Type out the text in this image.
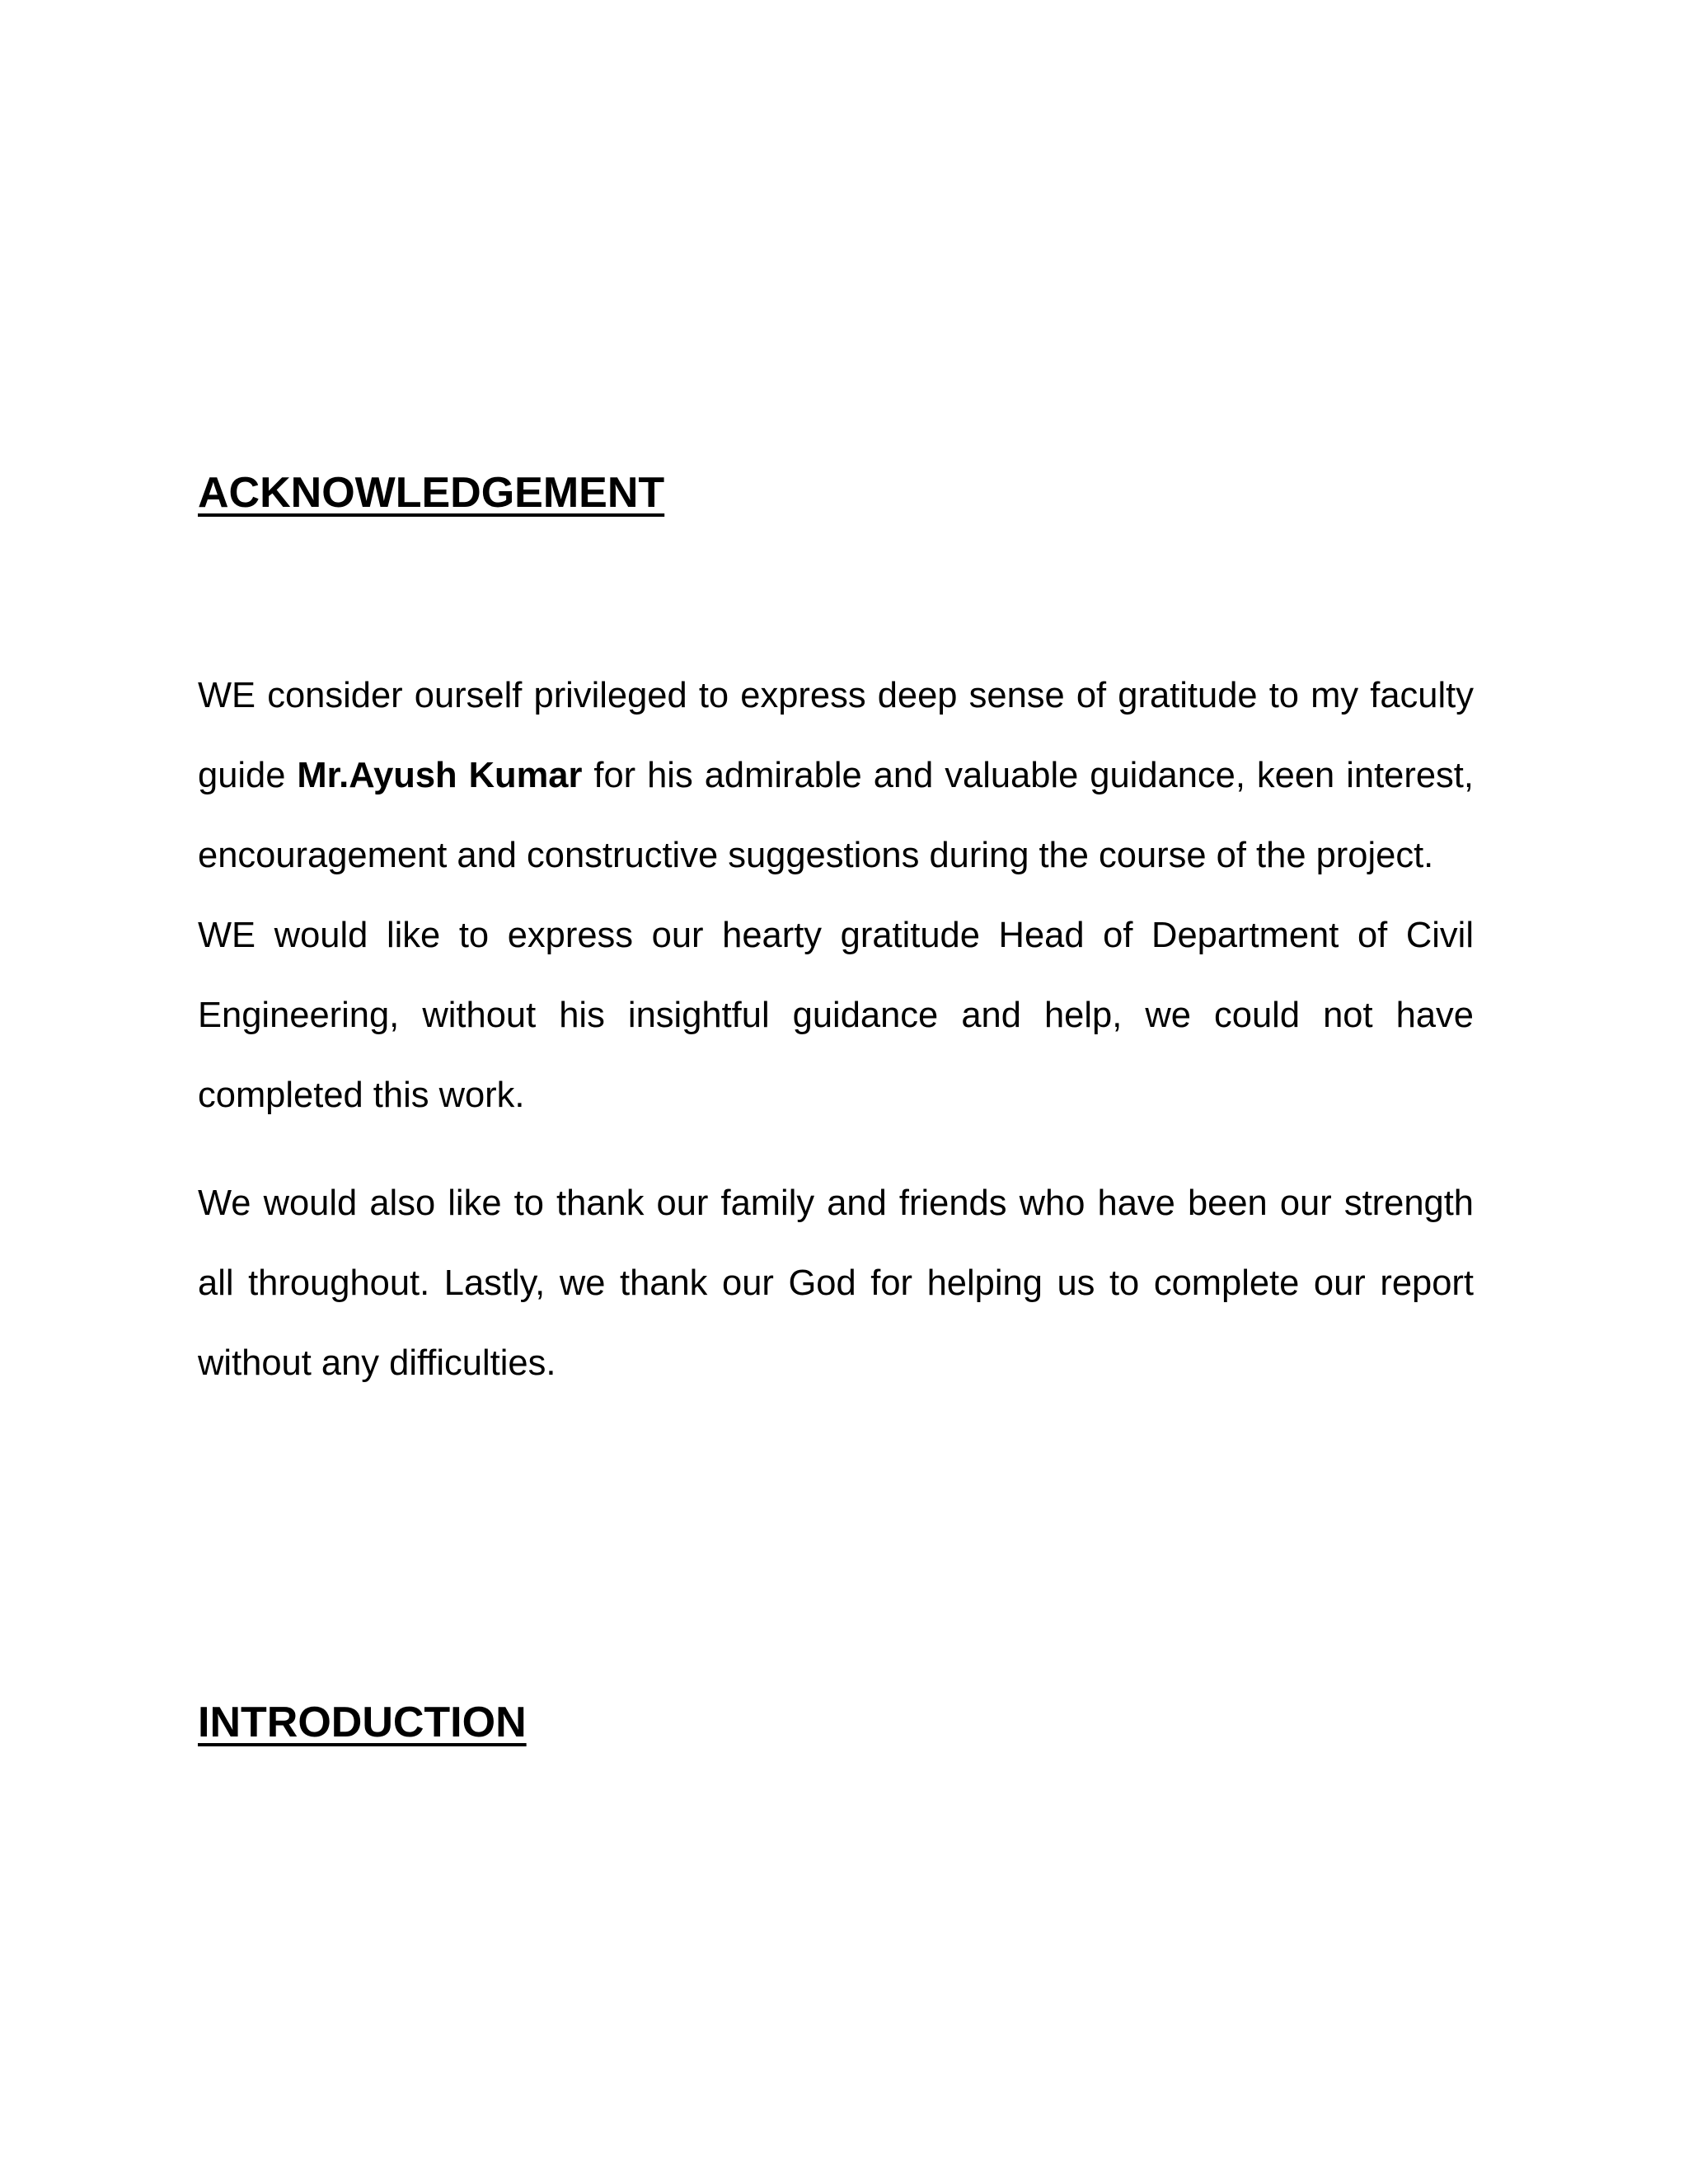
ACKNOWLEDGEMENT

WE consider ourself privileged to express deep sense of gratitude to my faculty guide Mr.Ayush Kumar for his admirable and valuable guidance, keen interest, encouragement and constructive suggestions during the course of the project.

WE would like to express our hearty gratitude Head of Department of Civil Engineering, without his insightful guidance and help, we could not have completed this work.

We would also like to thank our family and friends who have been our strength all throughout. Lastly, we thank our God for helping us to complete our report without any difficulties.

INTRODUCTION
